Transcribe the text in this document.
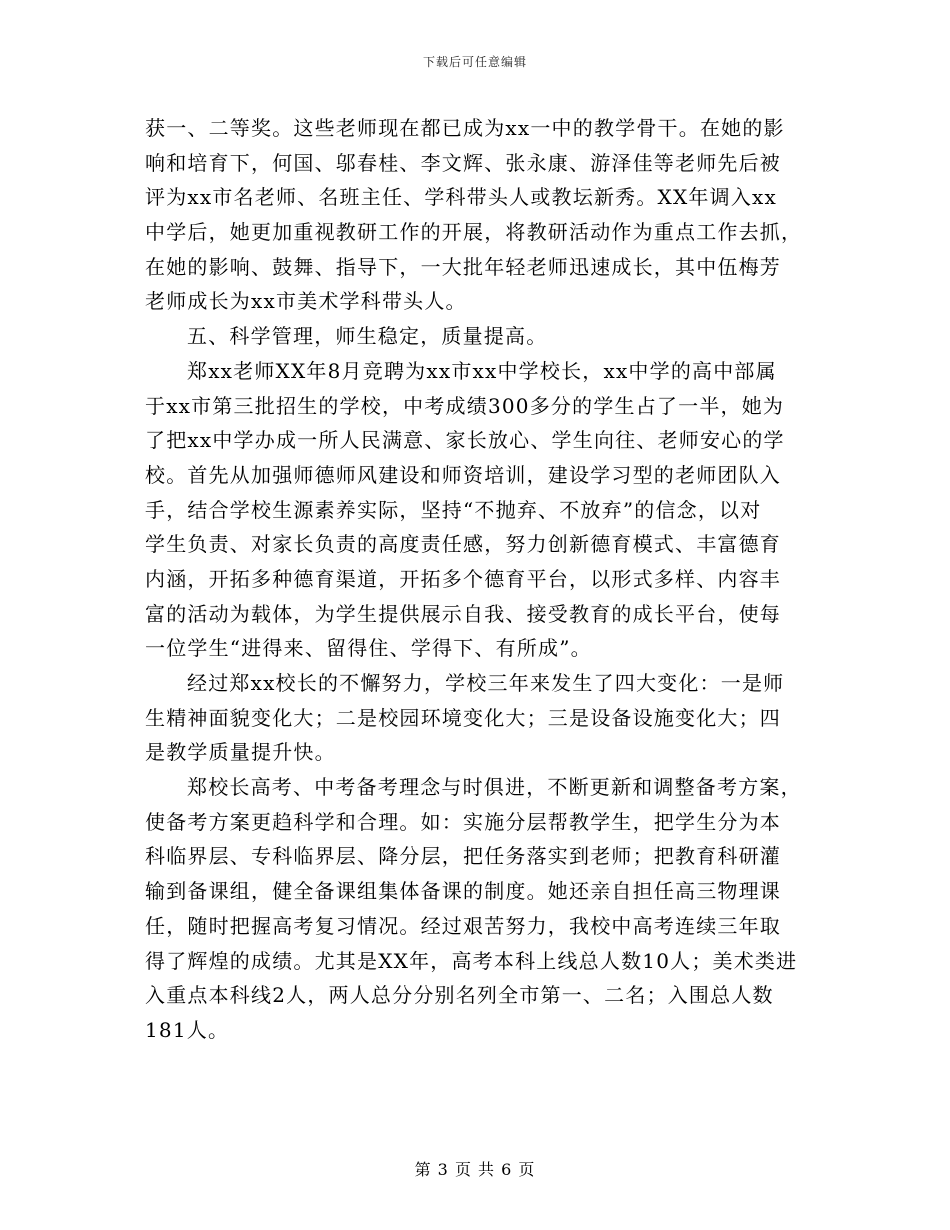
下载后可任意编辑
获一、二等奖。这些老师现在都已成为xx一中的教学骨干。在她的影
响和培育下，何国、邬春桂、李文辉、张永康、游泽佳等老师先后被
评为xx市名老师、名班主任、学科带头人或教坛新秀。XX年调入xx
中学后，她更加重视教研工作的开展，将教研活动作为重点工作去抓，
在她的影响、鼓舞、指导下，一大批年轻老师迅速成长，其中伍梅芳
老师成长为xx市美术学科带头人。
五、科学管理，师生稳定，质量提高。
郑xx老师XX年8月竞聘为xx市xx中学校长，xx中学的高中部属
于xx市第三批招生的学校，中考成绩300多分的学生占了一半，她为
了把xx中学办成一所人民满意、家长放心、学生向往、老师安心的学
校。首先从加强师德师风建设和师资培训，建设学习型的老师团队入
手，结合学校生源素养实际，坚持“不抛弃、不放弃”的信念，以对
学生负责、对家长负责的高度责任感，努力创新德育模式、丰富德育
内涵，开拓多种德育渠道，开拓多个德育平台，以形式多样、内容丰
富的活动为载体，为学生提供展示自我、接受教育的成长平台，使每
一位学生“进得来、留得住、学得下、有所成”。
经过郑xx校长的不懈努力，学校三年来发生了四大变化：一是师
生精神面貌变化大；二是校园环境变化大；三是设备设施变化大；四
是教学质量提升快。
郑校长高考、中考备考理念与时俱进，不断更新和调整备考方案，
使备考方案更趋科学和合理。如：实施分层帮教学生，把学生分为本
科临界层、专科临界层、降分层，把任务落实到老师；把教育科研灌
输到备课组，健全备课组集体备课的制度。她还亲自担任高三物理课
任，随时把握高考复习情况。经过艰苦努力，我校中高考连续三年取
得了辉煌的成绩。尤其是XX年，高考本科上线总人数10人；美术类进
入重点本科线2人，两人总分分别名列全市第一、二名；入围总人数
181人。
第 3 页 共 6 页
